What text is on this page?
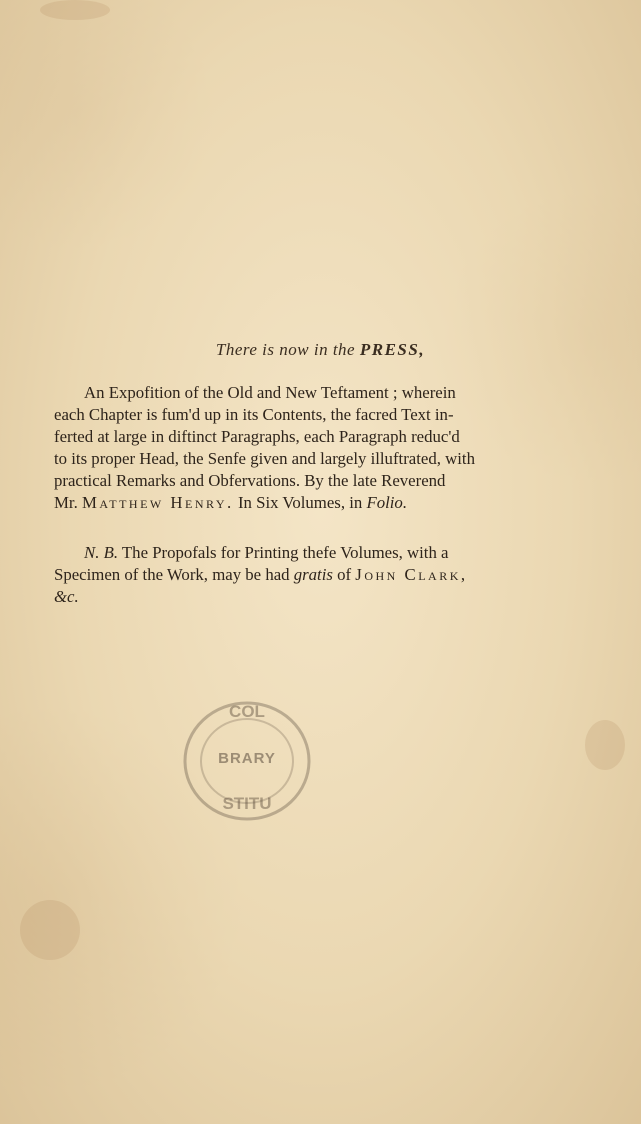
There is now in the PRESS,
An Expofition of the Old and New Teftament ; wherein
each Chapter is fum'd up in its Contents, the facred Text in-
ferted at large in diftinct Paragraphs, each Paragraph reduc'd
to its proper Head, the Senfe given and largely illuftrated, with
practical Remarks and Obfervations. By the late Reverend
Mr. Matthew Henry. In Six Volumes, in Folio.
N. B. The Propofals for Printing thefe Volumes, with a
Specimen of the Work, may be had gratis of John Clark,
&c.
COL
BRARY
STITU
